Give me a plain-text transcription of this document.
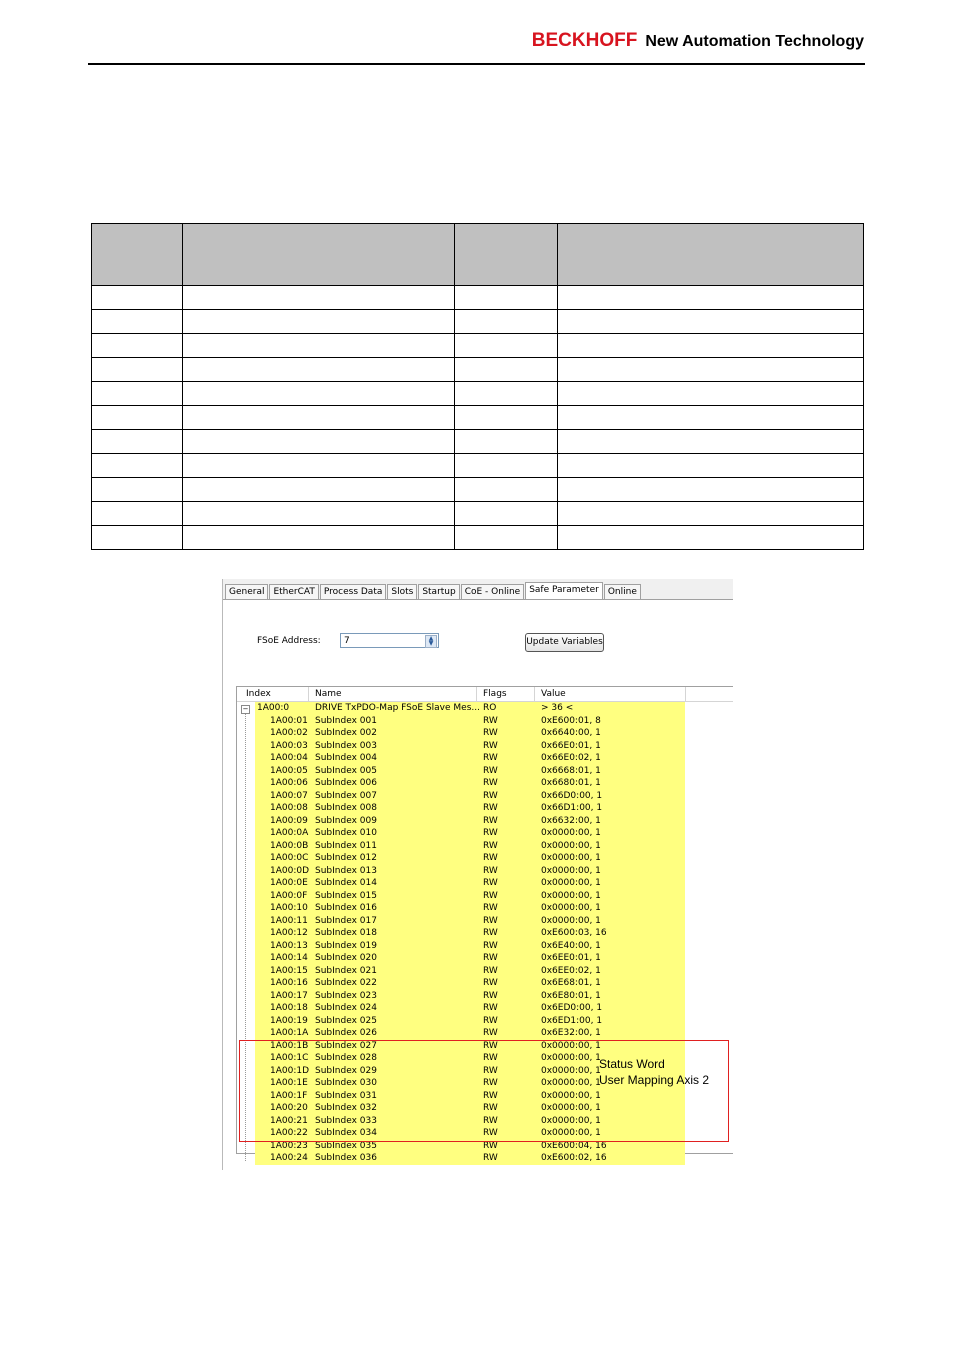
BECKHOFF New Automation Technology

General	EtherCAT	Process Data	Slots	Startup	CoE - Online	Safe Parameter	Online
FSoE Address:	7	▲
▼	Update Variables
Index	Name	Flags	Value
− 1A00:0	DRIVE TxPDO-Map FSoE Slave Mes... RO	> 36 <
1A00:01 SubIndex 001	RW	0xE600:01, 8
1A00:02 SubIndex 002	RW	0x6640:00, 1
1A00:03 SubIndex 003	RW	0x66E0:01, 1
1A00:04 SubIndex 004	RW	0x66E0:02, 1
1A00:05 SubIndex 005	RW	0x6668:01, 1
1A00:06 SubIndex 006	RW	0x6680:01, 1
1A00:07 SubIndex 007	RW	0x66D0:00, 1
1A00:08 SubIndex 008	RW	0x66D1:00, 1
1A00:09 SubIndex 009	RW	0x6632:00, 1
1A00:0A SubIndex 010	RW	0x0000:00, 1
1A00:0B SubIndex 011	RW	0x0000:00, 1
1A00:0C SubIndex 012	RW	0x0000:00, 1
1A00:0D SubIndex 013	RW	0x0000:00, 1
1A00:0E SubIndex 014	RW	0x0000:00, 1
1A00:0F SubIndex 015	RW	0x0000:00, 1
1A00:10 SubIndex 016	RW	0x0000:00, 1
1A00:11 SubIndex 017	RW	0x0000:00, 1
1A00:12 SubIndex 018	RW	0xE600:03, 16
1A00:13 SubIndex 019	RW	0x6E40:00, 1
1A00:14 SubIndex 020	RW	0x6EE0:01, 1
1A00:15 SubIndex 021	RW	0x6EE0:02, 1
1A00:16 SubIndex 022	RW	0x6E68:01, 1
1A00:17 SubIndex 023	RW	0x6E80:01, 1
1A00:18 SubIndex 024	RW	0x6ED0:00, 1
1A00:19 SubIndex 025	RW	0x6ED1:00, 1
1A00:1A SubIndex 026	RW	0x6E32:00, 1
1A00:1B SubIndex 027	RW	0x0000:00, 1
1A00:1C SubIndex 028	RW	0x0000:00, 1
1A00:1D SubIndex 029	RW	0x0000:00, 1
1A00:1E SubIndex 030	RW	0x0000:00, 1
1A00:1F SubIndex 031	RW	0x0000:00, 1
1A00:20 SubIndex 032	RW	0x0000:00, 1
1A00:21 SubIndex 033	RW	0x0000:00, 1
1A00:22 SubIndex 034	RW	0x0000:00, 1
1A00:23 SubIndex 035	RW	0xE600:04, 16
1A00:24 SubIndex 036	RW	0xE600:02, 16
Status Word
User Mapping Axis 2
